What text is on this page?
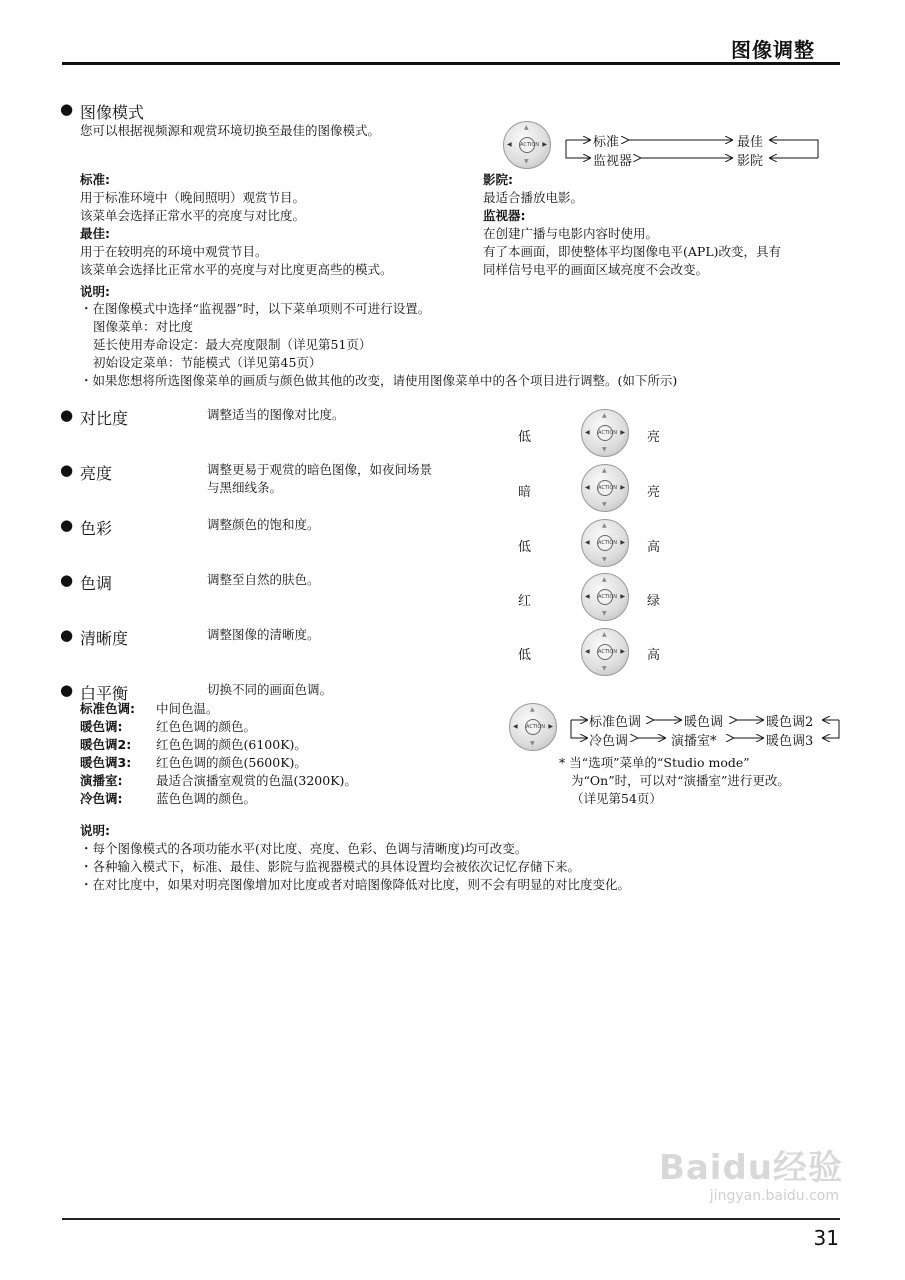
图像调整
● 图像模式
您可以根据视频源和观赏环境切换至最佳的图像模式。	▲
▼
◀	▶
ACTION	标准	最佳
监视器	影院
标准:
用于标准环境中（晚间照明）观赏节目。
该菜单会选择正常水平的亮度与对比度。
最佳:
用于在较明亮的环境中观赏节目。
该菜单会选择比正常水平的亮度与对比度更高些的模式。
影院:
最适合播放电影。
监视器:
在创建广播与电影内容时使用。
有了本画面，即使整体平均图像电平(APL)改变，具有
同样信号电平的画面区域亮度不会改变。
说明:
・在图像模式中选择“监视器”时，以下菜单项则不可进行设置。
图像菜单：对比度
延长使用寿命设定：最大亮度限制（详见第51页）
初始设定菜单：节能模式（详见第45页）
・如果您想将所选图像菜单的画质与颜色做其他的改变，请使用图像菜单中的各个项目进行调整。(如下所示)
● 对比度	调整适当的图像对比度。
低
▲
▼
◀	▶
ACTION 亮
● 亮度	调整更易于观赏的暗色图像，如夜间场景
与黑细线条。	暗
▲
▼
◀	▶
ACTION 亮
● 色彩	调整颜色的饱和度。
低
▲
▼
◀	▶
ACTION 高
● 色调	调整至自然的肤色。
红
▲
▼
◀	▶
ACTION 绿
● 清晰度	调整图像的清晰度。
低
▲
▼
◀	▶
ACTION 高
● 白平衡	切换不同的画面色调。
标准色调: 中间色温。
暖色调:	红色色调的颜色。
暖色调2: 红色色调的颜色(6100K)。
暖色调3: 红色色调的颜色(5600K)。
演播室:	最适合演播室观赏的色温(3200K)。
冷色调:	蓝色色调的颜色。
▲
▼
◀	▶
ACTION	标准色调	暖色调	暖色调2
冷色调	演播室*	暖色调3
* 当“选项”菜单的“Studio mode”
为“On”时，可以对“演播室”进行更改。
（详见第54页）
说明:
・每个图像模式的各项功能水平(对比度、亮度、色彩、色调与清晰度)均可改变。
・各种输入模式下，标准、最佳、影院与监视器模式的具体设置均会被依次记忆存储下来。
・在对比度中，如果对明亮图像增加对比度或者对暗图像降低对比度，则不会有明显的对比度变化。
Baidu经验
jingyan.baidu.com
31
